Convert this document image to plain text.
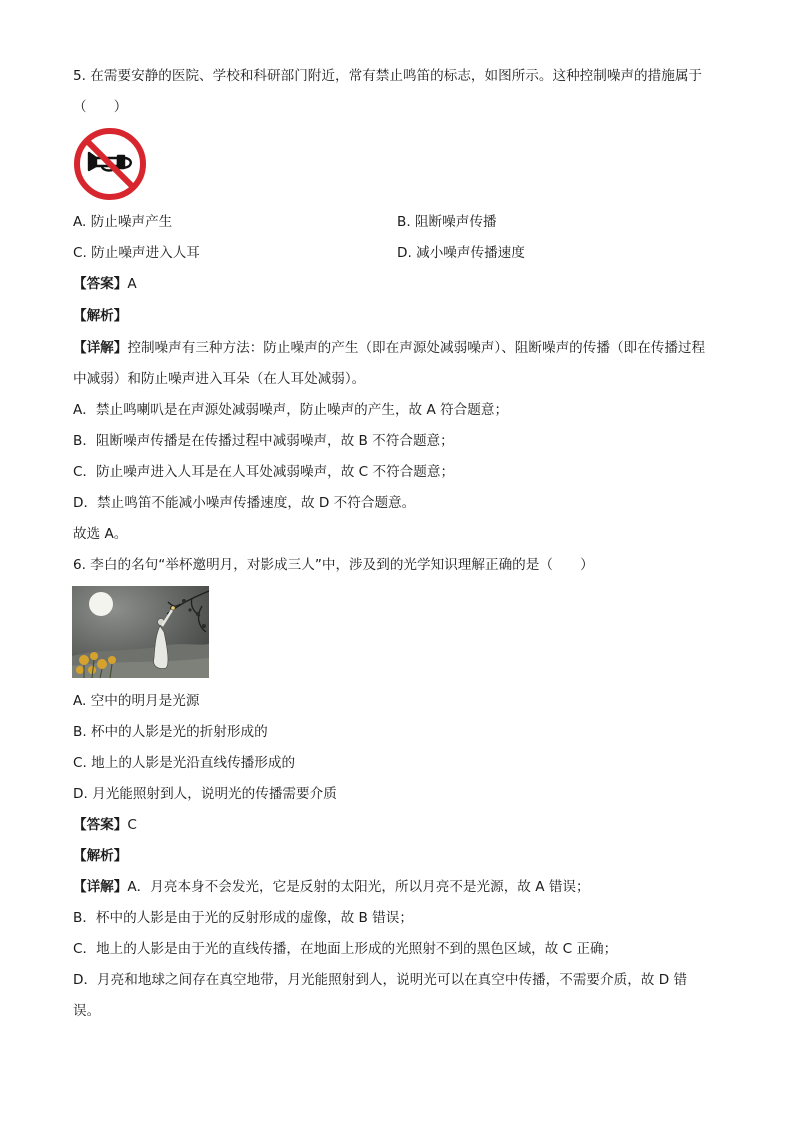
5. 在需要安静的医院、学校和科研部门附近，常有禁止鸣笛的标志，如图所示。这种控制噪声的措施属于
（　　）
A. 防止噪声产生	B. 阻断噪声传播
C. 防止噪声进入人耳	D. 减小噪声传播速度
【答案】A
【解析】
【详解】控制噪声有三种方法：防止噪声的产生（即在声源处减弱噪声）、阻断噪声的传播（即在传播过程
中减弱）和防止噪声进入耳朵（在人耳处减弱）。
A．禁止鸣喇叭是在声源处减弱噪声，防止噪声的产生，故 A 符合题意；
B．阻断噪声传播是在传播过程中减弱噪声，故 B 不符合题意；
C．防止噪声进入人耳是在人耳处减弱噪声，故 C 不符合题意；
D．禁止鸣笛不能减小噪声传播速度，故 D 不符合题意。
故选 A。
6. 李白的名句“举杯邀明月，对影成三人”中，涉及到的光学知识理解正确的是（　　）
A. 空中的明月是光源
B. 杯中的人影是光的折射形成的
C. 地上的人影是光沿直线传播形成的
D. 月光能照射到人，说明光的传播需要介质
【答案】C
【解析】
【详解】A．月亮本身不会发光，它是反射的太阳光，所以月亮不是光源，故 A 错误；
B．杯中的人影是由于光的反射形成的虚像，故 B 错误；
C．地上的人影是由于光的直线传播，在地面上形成的光照射不到的黑色区域，故 C 正确；
D．月亮和地球之间存在真空地带，月光能照射到人，说明光可以在真空中传播，不需要介质，故 D 错
误。
